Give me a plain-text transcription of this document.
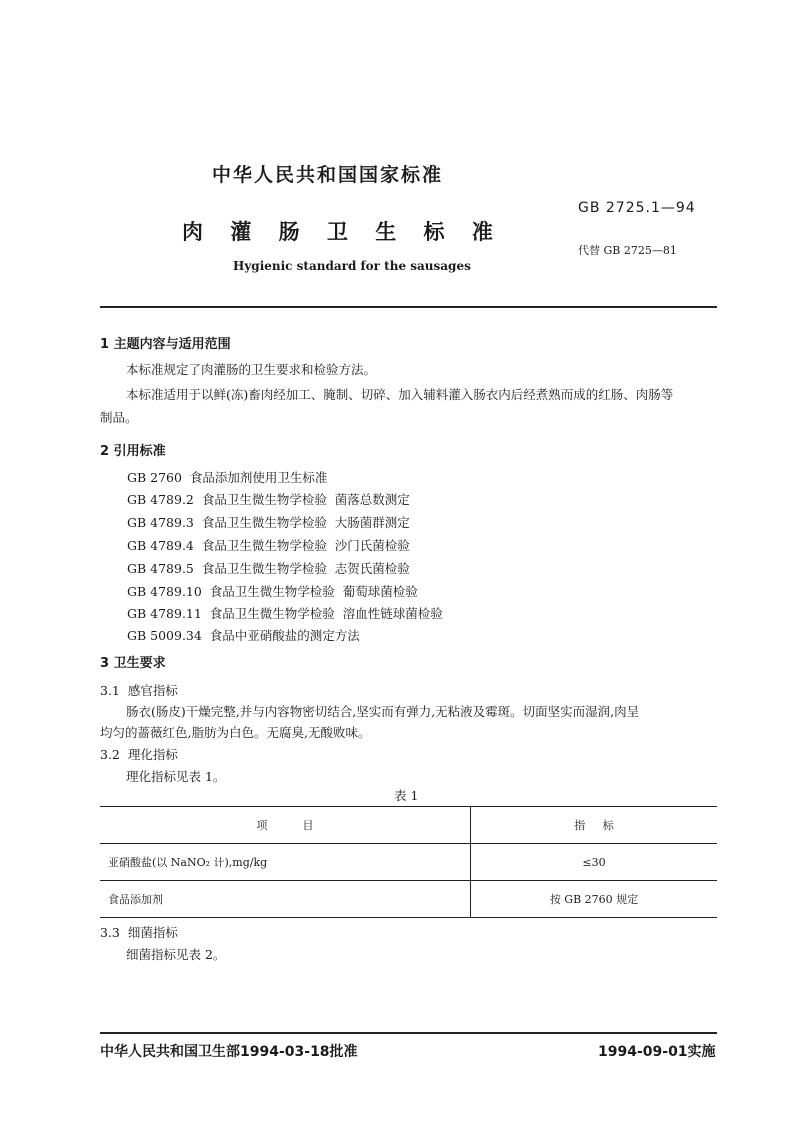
中华人民共和国国家标准
GB 2725.1—94
肉 灌 肠 卫 生 标 准
代替 GB 2725—81
Hygienic standard for the sausages
1 主题内容与适用范围
本标准规定了肉灌肠的卫生要求和检验方法。
本标准适用于以鲜(冻)畜肉经加工、腌制、切碎、加入辅料灌入肠衣内后经煮熟而成的红肠、肉肠等
制品。
2 引用标准
GB 2760  食品添加剂使用卫生标准
GB 4789.2  食品卫生微生物学检验  菌落总数测定
GB 4789.3  食品卫生微生物学检验  大肠菌群测定
GB 4789.4  食品卫生微生物学检验  沙门氏菌检验
GB 4789.5  食品卫生微生物学检验  志贺氏菌检验
GB 4789.10  食品卫生微生物学检验  葡萄球菌检验
GB 4789.11  食品卫生微生物学检验  溶血性链球菌检验
GB 5009.34  食品中亚硝酸盐的测定方法
3 卫生要求
3.1  感官指标
肠衣(肠皮)干燥完整,并与内容物密切结合,坚实而有弹力,无粘液及霉斑。切面坚实而湿润,肉呈
均匀的蔷薇红色,脂肪为白色。无腐臭,无酸败味。
3.2  理化指标
理化指标见表 1。
表 1
项          目	指     标
亚硝酸盐(以 NaNO₂ 计),mg/kg	≤30
食品添加剂	按 GB 2760 规定
3.3  细菌指标
细菌指标见表 2。
中华人民共和国卫生部1994-03-18批准	1994-09-01实施
